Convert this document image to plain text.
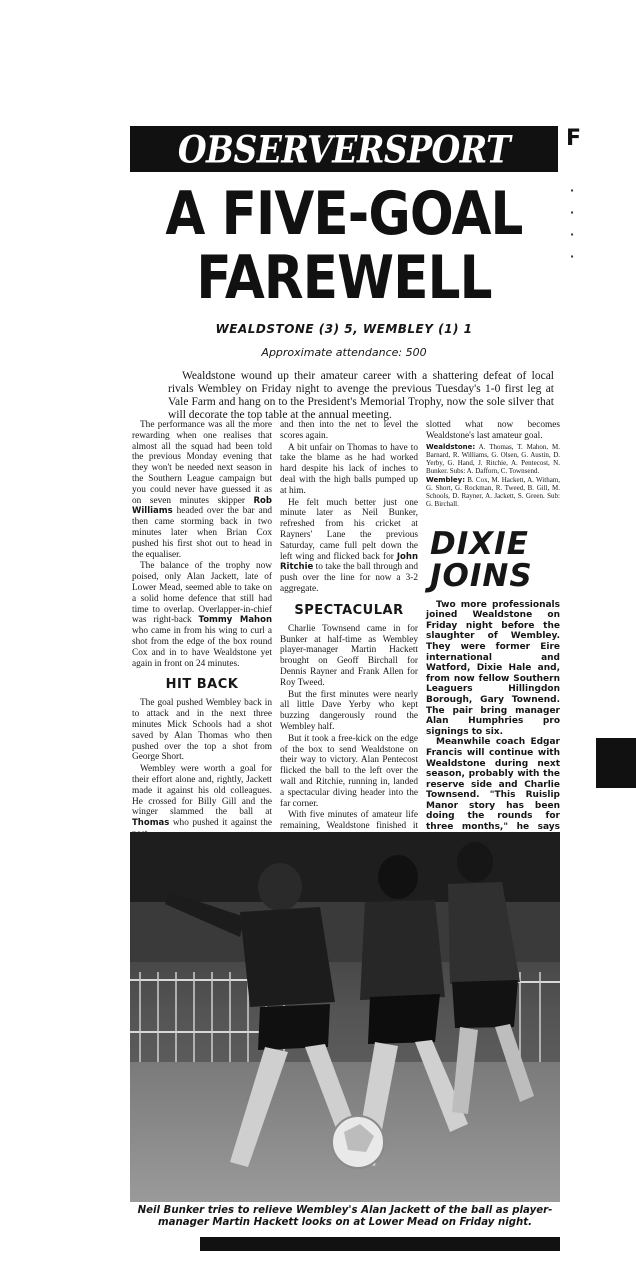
OBSERVERSPORT	F
A FIVE-GOAL
FAREWELL
WEALDSTONE (3) 5, WEMBLEY (1) 1
Approximate attendance: 500

Wealdstone wound up their amateur career with a shattering defeat of local rivals Wembley on Friday night to avenge the previous Tuesday's 1-0 first leg at Vale Farm and hang on to the President's Memorial Trophy, now the sole silver that will decorate the top table at the annual meeting.

The performance was all the more rewarding when one realises that almost all the squad had been told the previous Monday evening that they won't be needed next season in the Southern League campaign but you could never have guessed it as on seven minutes skipper Rob Williams headed over the bar and then came storming back in two minutes later when Brian Cox pushed his first shot out to head in the equaliser.

The balance of the trophy now poised, only Alan Jackett, late of Lower Mead, seemed able to take on a solid home defence that still had time to overlap. Overlapper-in-chief was right-back Tommy Mahon who came in from his wing to curl a shot from the edge of the box round Cox and in to have Wealdstone yet again in front on 24 minutes.

HIT BACK

The goal pushed Wembley back in to attack and in the next three minutes Mick Schools had a shot saved by Alan Thomas who then pushed over the top a shot from George Short.

Wembley were worth a goal for their effort alone and, rightly, Jackett made it against his old colleagues. He crossed for Billy Gill and the winger slammed the ball at Thomas who pushed it against the

and then into the net to level the scores again.

A bit unfair on Thomas to have to take the blame as he had worked hard despite his lack of inches to deal with the high balls pumped up at him.

He felt much better just one minute later as Neil Bunker, refreshed from his cricket at Rayners' Lane the previous Saturday, came full pelt down the left wing and flicked back for John Ritchie to take the ball through and push over the line for now a 3-2 aggregate.

SPECTACULAR

Charlie Townsend came in for Bunker at half-time as Wembley player-manager Martin Hackett brought on Geoff Birchall for Dennis Rayner and Frank Allen for Roy Tweed.

But the first minutes were nearly all little Dave Yerby who kept buzzing dangerously round the Wembley half.

But it took a free-kick on the edge of the box to send Wealdstone on their way to victory. Alan Pentecost flicked the ball to the left over the wall and Ritchie, running in, landed a spectacular diving header into the far corner.

With five minutes of amateur life remaining, Wealdstone finished it

slotted what now becomes Wealdstone's last amateur goal.

Wealdstone: A. Thomas, T. Mahon, M. Barnard, R. Williams, G. Olsen, G. Austin, D. Yerby, G. Hand, J. Ritchie, A. Pentecost, N. Bunker. Subs: A. Dafforn, C. Townsend.

Wembley: B. Cox, M. Hackett, A. Witham, G. Short, G. Rockman, R. Tweed, B. Gill, M. Schools, D. Rayner, A. Jackett, S. Green. Sub: G. Birchall.

DIXIE
JOINS

Two more professionals joined Wealdstone on Friday night before the slaughter of Wembley. They were former Eire international and Watford, Dixie Hale and, from now fellow Southern Leaguers Hillingdon Borough, Gary Townend. The pair bring manager Alan Humphries pro signings to six.

Meanwhile coach Edgar Francis will continue with Wealdstone during next season, probably with the reserve side and Charlie Townsend. "This Ruislip Manor story has been doing the rounds for three months," he says

Neil Bunker tries to relieve Wembley's Alan Jackett of the ball as player-manager Martin Hackett looks on at Lower Mead on Friday night.
·
·
·
·
